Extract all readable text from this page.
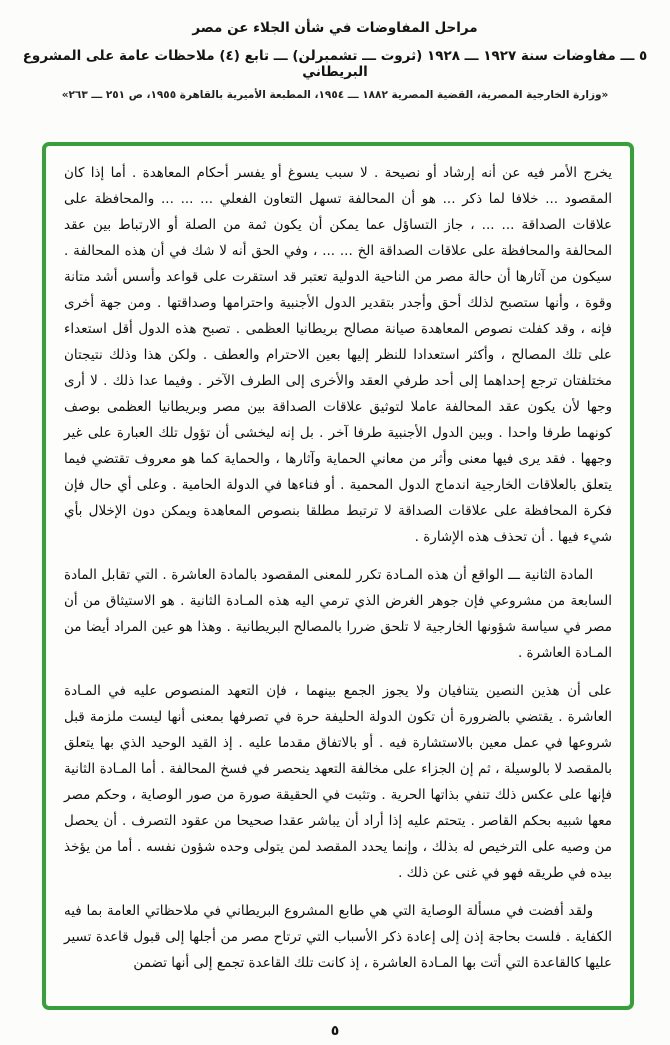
مراحل المفاوضات في شأن الجلاء عن مصر

٥ ـــ مفاوضات سنة ١٩٢٧ ـــ ١٩٢٨ (ثروت ـــ تشمبرلن) ـــ تابع (٤) ملاحظات عامة على المشروع البريطاني

«وزارة الخارجية المصرية، القضية المصرية ١٨٨٢ ـــ ١٩٥٤، المطبعة الأميرية بالقاهرة ١٩٥٥، ص ٢٥١ ـــ ٢٦٣»

يخرج الأمر فيه عن أنه إرشاد أو نصيحة . لا سبب يسوغ أو يفسر أحكام المعاهدة . أما إذا كان المقصود ... خلافا لما ذكر ... هو أن المحالفة تسهل التعاون الفعلي ... ... ... والمحافظة على علاقات الصداقة ... ... ، جاز التساؤل عما يمكن أن يكون ثمة من الصلة أو الارتباط بين عقد المحالفة والمحافظة على علاقات الصداقة الخ ... ... ، وفي الحق أنه لا شك في أن هذه المحالفة . سيكون من آثارها أن حالة مصر من الناحية الدولية تعتبر قد استقرت على قواعد وأسس أشد متانة وقوة ، وأنها ستصبح لذلك أحق وأجدر بتقدير الدول الأجنبية واحترامها وصداقتها . ومن جهة أخرى فإنه ، وقد كفلت نصوص المعاهدة صيانة مصالح بريطانيا العظمى . تصبح هذه الدول أقل استعداء على تلك المصالح ، وأكثر استعدادا للنظر إليها بعين الاحترام والعطف . ولكن هذا وذلك نتيجتان مختلفتان ترجع إحداهما إلى أحد طرفي العقد والأخرى إلى الطرف الآخر . وفيما عدا ذلك . لا أرى وجها لأن يكون عقد المحالفة عاملا لتوثيق علاقات الصداقة بين مصر وبريطانيا العظمى بوصف كونهما طرفا واحدا . وبين الدول الأجنبية طرفا آخر . بل إنه ليخشى أن تؤول تلك العبارة على غير وجهها . فقد يرى فيها معنى وأثر من معاني الحماية وآثارها ، والحماية كما هو معروف تقتضي فيما يتعلق بالعلاقات الخارجية اندماج الدول المحمية . أو فناءها في الدولة الحامية . وعلى أي حال فإن فكرة المحافظة على علاقات الصداقة لا ترتبط مطلقا بنصوص المعاهدة ويمكن دون الإخلال بأي شيء فيها . أن تحذف هذه الإشارة .

المادة الثانية ـــ الواقع أن هذه المـادة تكرر للمعنى المقصود بالمادة العاشرة . التي تقابل المادة السابعة من مشروعي فإن جوهر الغرض الذي ترمي اليه هذه المـادة الثانية . هو الاستيثاق من أن مصر في سياسة شؤونها الخارجية لا تلحق ضررا بالمصالح البريطانية . وهذا هو عين المراد أيضا من المـادة العاشرة .

على أن هذين النصين يتنافيان ولا يجوز الجمع بينهما ، فإن التعهد المنصوص عليه في المـادة العاشرة . يقتضي بالضرورة أن تكون الدولة الحليفة حرة في تصرفها بمعنى أنها ليست ملزمة قبل شروعها في عمل معين بالاستشارة فيه . أو بالاتفاق مقدما عليه . إذ القيد الوحيد الذي بها يتعلق بالمقصد لا بالوسيلة ، ثم إن الجزاء على مخالفة التعهد ينحصر في فسخ المحالفة . أما المـادة الثانية فإنها على عكس ذلك تنفي بذاتها الحرية . وتثبت في الحقيقة صورة من صور الوصاية ، وحكم مصر معها شبيه بحكم القاصر . يتحتم عليه إذا أراد أن يباشر عقدا صحيحا من عقود التصرف . أن يحصل من وصيه على الترخيص له بذلك ، وإنما يحدد المقصد لمن يتولى وحده شؤون نفسه . أما من يؤخذ بيده في طريقه فهو في غنى عن ذلك .

ولقد أفضت في مسألة الوصاية التي هي طابع المشروع البريطاني في ملاحظاتي العامة بما فيه الكفاية . فلست بحاجة إذن إلى إعادة ذكر الأسباب التي ترتاح مصر من أجلها إلى قبول قاعدة تسير عليها كالقاعدة التي أتت بها المـادة العاشرة ، إذ كانت تلك القاعدة تجمع إلى أنها تضمن

٥
